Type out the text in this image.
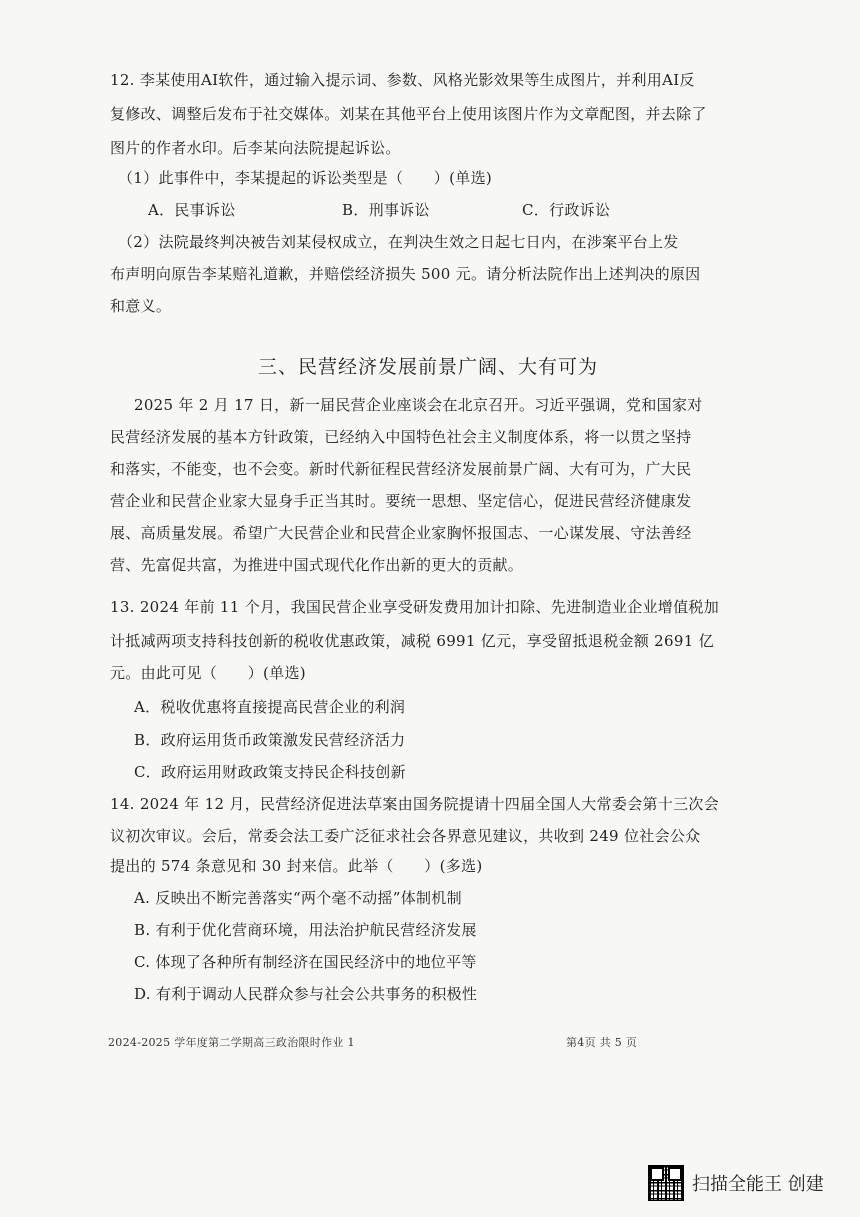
12. 李某使用AI软件，通过输入提示词、参数、风格光影效果等生成图片，并利用AI反
复修改、调整后发布于社交媒体。刘某在其他平台上使用该图片作为文章配图，并去除了
图片的作者水印。后李某向法院提起诉讼。
（1）此事件中，李某提起的诉讼类型是（　　）(单选)
A．民事诉讼	B．刑事诉讼	C．行政诉讼
（2）法院最终判决被告刘某侵权成立，在判决生效之日起七日内，在涉案平台上发
布声明向原告李某赔礼道歉，并赔偿经济损失 500 元。请分析法院作出上述判决的原因
和意义。
三、民营经济发展前景广阔、大有可为
2025 年 2 月 17 日，新一届民营企业座谈会在北京召开。习近平强调，党和国家对
民营经济发展的基本方针政策，已经纳入中国特色社会主义制度体系，将一以贯之坚持
和落实，不能变，也不会变。新时代新征程民营经济发展前景广阔、大有可为，广大民
营企业和民营企业家大显身手正当其时。要统一思想、坚定信心，促进民营经济健康发
展、高质量发展。希望广大民营企业和民营企业家胸怀报国志、一心谋发展、守法善经
营、先富促共富，为推进中国式现代化作出新的更大的贡献。
13. 2024 年前 11 个月，我国民营企业享受研发费用加计扣除、先进制造业企业增值税加
计抵减两项支持科技创新的税收优惠政策，减税 6991 亿元，享受留抵退税金额 2691 亿
元。由此可见（　　）(单选)
A．税收优惠将直接提高民营企业的利润
B．政府运用货币政策激发民营经济活力
C．政府运用财政政策支持民企科技创新
14. 2024 年 12 月，民营经济促进法草案由国务院提请十四届全国人大常委会第十三次会
议初次审议。会后，常委会法工委广泛征求社会各界意见建议，共收到 249 位社会公众
提出的 574 条意见和 30 封来信。此举（　　）(多选)
A. 反映出不断完善落实“两个毫不动摇”体制机制
B. 有利于优化营商环境，用法治护航民营经济发展
C. 体现了各种所有制经济在国民经济中的地位平等
D. 有利于调动人民群众参与社会公共事务的积极性
2024-2025 学年度第二学期高三政治限时作业 1	第4页 共 5 页
扫描全能王 创建
